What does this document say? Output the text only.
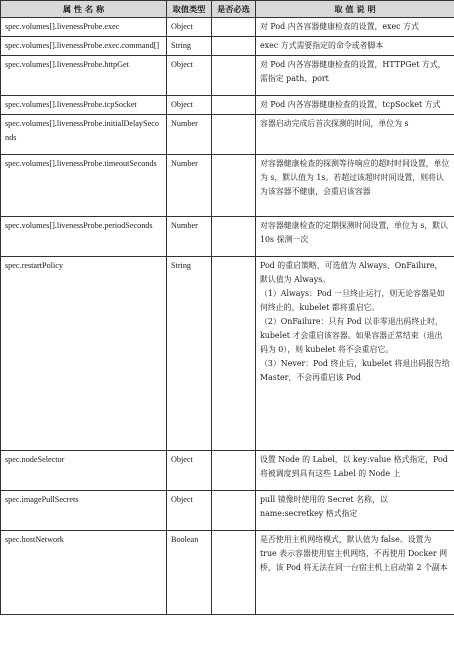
属 性 名 称	取值类型	是否必选	取 值 说 明
spec.volumes[].livenessProbe.exec	Object		对 Pod 内各容器健康检查的设置，exec 方式

spec.volumes[].livenessProbe.exec.command[]	String		exec 方式需要指定的命令或者脚本

spec.volumes[].livenessProbe.httpGet	Object		对 Pod 内各容器健康检查的设置，HTTPGet 方式，需指定 path、port

spec.volumes[].livenessProbe.tcpSocket	Object		对 Pod 内各容器健康检查的设置，tcpSocket 方式

spec.volumes[].livenessProbe.initialDelaySeconds	Number		容器启动完成后首次探测的时间，单位为 s

spec.volumes[].livenessProbe.timeoutSeconds	Number		对容器健康检查的探测等待响应的超时时间设置，单位为 s，默认值为 1s。若超过该超时时间设置，则将认为该容器不健康，会重启该容器

spec.volumes[].livenessProbe.periodSeconds	Number		对容器健康检查的定期探测时间设置，单位为 s，默认 10s 探测一次

spec.restartPolicy	String		Pod 的重启策略，可选值为 Always、OnFailure，默认值为 Always。
（1）Always：Pod 一旦终止运行，则无论容器是如何终止的，kubelet 都将重启它。
（2）OnFailure：只有 Pod 以非零退出码终止时，kubelet 才会重启该容器。如果容器正常结束（退出码为 0），则 kubelet 将不会重启它。
（3）Never：Pod 终止后，kubelet 将退出码报告给 Master，不会再重启该 Pod

spec.nodeSelector	Object		设置 Node 的 Label，以 key:value 格式指定，Pod 将被调度到具有这些 Label 的 Node 上

spec.imagePullSecrets	Object		pull 镜像时使用的 Secret 名称，以 name:secretkey 格式指定

spec.hostNetwork	Boolean		是否使用主机网络模式，默认值为 false。设置为 true 表示容器使用宿主机网络，不再使用 Docker 网桥，该 Pod 将无法在同一台宿主机上启动第 2 个副本
